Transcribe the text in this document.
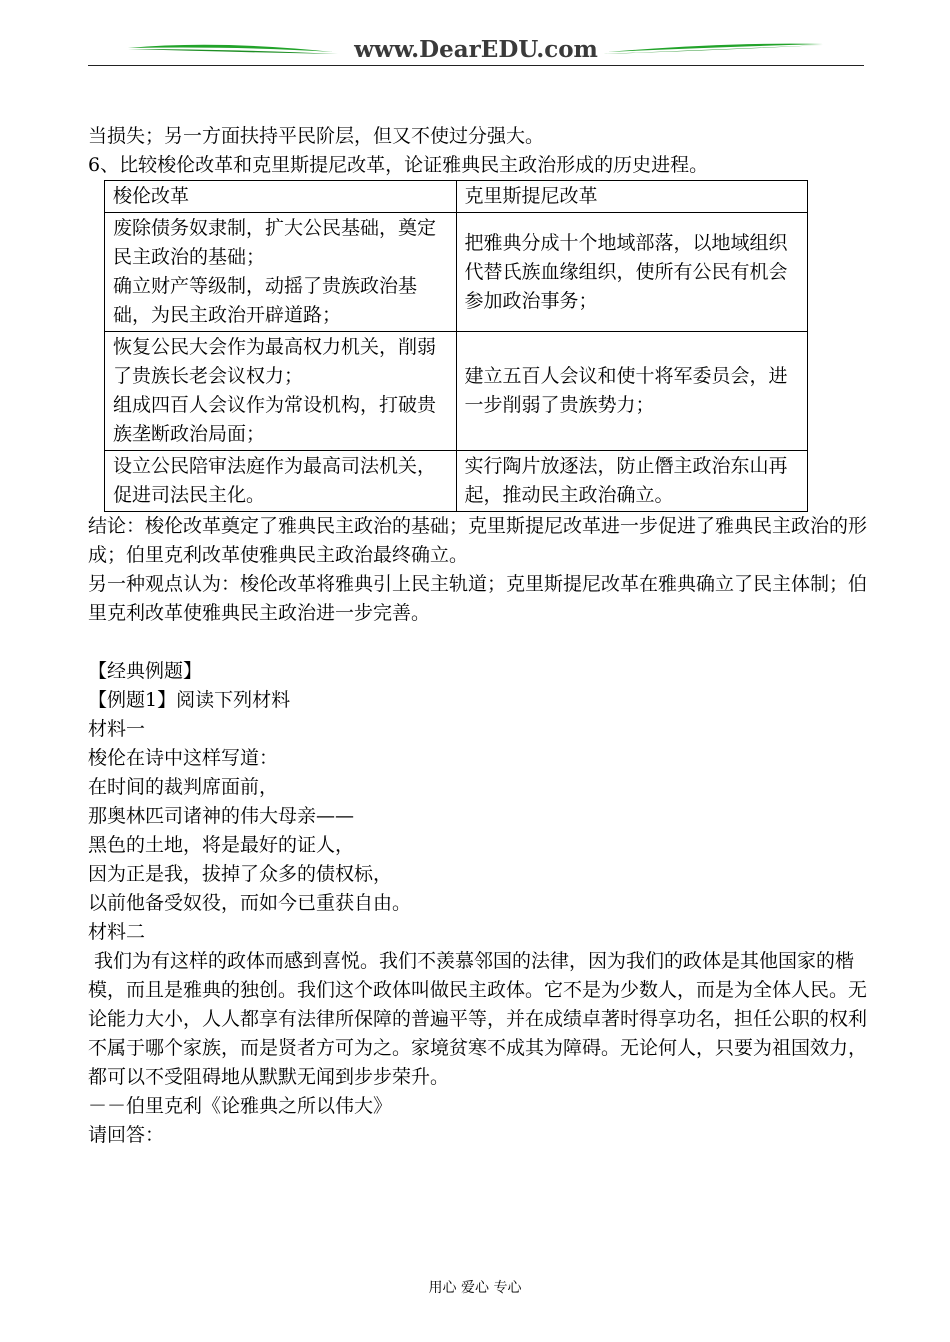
www.DearEDU.com

当损失；另一方面扶持平民阶层，但又不使过分强大。

6、比较梭伦改革和克里斯提尼改革，论证雅典民主政治形成的历史进程。

梭伦改革	克里斯提尼改革
废除债务奴隶制，扩大公民基础，奠定民主政治的基础；
确立财产等级制，动摇了贵族政治基础，为民主政治开辟道路；	把雅典分成十个地域部落，以地域组织代替氏族血缘组织，使所有公民有机会参加政治事务；
恢复公民大会作为最高权力机关，削弱了贵族长老会议权力；
组成四百人会议作为常设机构，打破贵族垄断政治局面；	建立五百人会议和使十将军委员会，进一步削弱了贵族势力；
设立公民陪审法庭作为最高司法机关，促进司法民主化。	实行陶片放逐法，防止僭主政治东山再起，推动民主政治确立。

结论：梭伦改革奠定了雅典民主政治的基础；克里斯提尼改革进一步促进了雅典民主政治的形成；伯里克利改革使雅典民主政治最终确立。

另一种观点认为：梭伦改革将雅典引上民主轨道；克里斯提尼改革在雅典确立了民主体制；伯里克利改革使雅典民主政治进一步完善。

【经典例题】

【例题1】阅读下列材料

材料一

梭伦在诗中这样写道：

在时间的裁判席面前，

那奥林匹司诸神的伟大母亲——

黑色的土地，将是最好的证人，

因为正是我，拔掉了众多的债权标，

以前他备受奴役，而如今已重获自由。

材料二

我们为有这样的政体而感到喜悦。我们不羡慕邻国的法律，因为我们的政体是其他国家的楷模，而且是雅典的独创。我们这个政体叫做民主政体。它不是为少数人，而是为全体人民。无论能力大小，人人都享有法律所保障的普遍平等，并在成绩卓著时得享功名，担任公职的权利不属于哪个家族，而是贤者方可为之。家境贫寒不成其为障碍。无论何人，只要为祖国效力，都可以不受阻碍地从默默无闻到步步荣升。

－－伯里克利《论雅典之所以伟大》

请回答：

用心 爱心 专心
